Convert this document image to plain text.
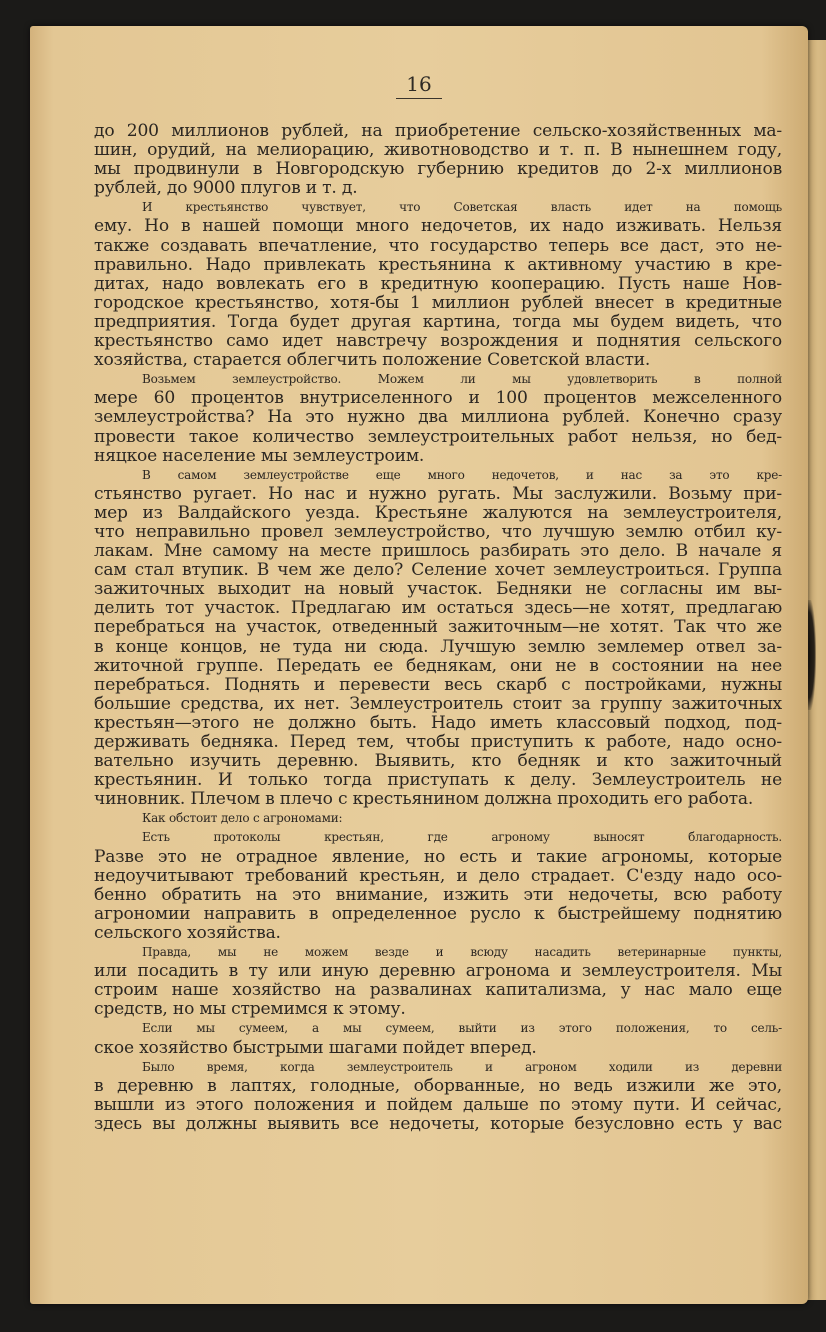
16
до 200 миллионов рублей, на приобретение сельско-хозяйственных ма-
шин, орудий, на мелиорацию, животноводство и т. п. В нынешнем году,
мы продвинули в Новгородскую губернию кредитов до 2-х миллионов
рублей, до 9000 плугов и т. д.
И крестьянство чувствует, что Советская власть идет на помощь
ему. Но в нашей помощи много недочетов, их надо изживать. Нельзя
также создавать впечатление, что государство теперь все даст, это не-
правильно. Надо привлекать крестьянина к активному участию в кре-
дитах, надо вовлекать его в кредитную кооперацию. Пусть наше Нов-
городское крестьянство, хотя-бы 1 миллион рублей внесет в кредитные
предприятия. Тогда будет другая картина, тогда мы будем видеть, что
крестьянство само идет навстречу возрождения и поднятия сельского
хозяйства, старается облегчить положение Советской власти.
Возьмем землеустройство. Можем ли мы удовлетворить в полной
мере 60 процентов внутриселенного и 100 процентов межселенного
землеустройства? На это нужно два миллиона рублей. Конечно сразу
провести такое количество землеустроительных работ нельзя, но бед-
няцкое население мы землеустроим.
В самом землеустройстве еще много недочетов, и нас за это кре-
стьянство ругает. Но нас и нужно ругать. Мы заслужили. Возьму при-
мер из Валдайского уезда. Крестьяне жалуются на землеустроителя,
что неправильно провел землеустройство, что лучшую землю отбил ку-
лакам. Мне самому на месте пришлось разбирать это дело. В начале я
сам стал втупик. В чем же дело? Селение хочет землеустроиться. Группа
зажиточных выходит на новый участок. Бедняки не согласны им вы-
делить тот участок. Предлагаю им остаться здесь—не хотят, предлагаю
перебраться на участок, отведенный зажиточным—не хотят. Так что же
в конце концов, не туда ни сюда. Лучшую землю землемер отвел за-
житочной группе. Передать ее беднякам, они не в состоянии на нее
перебраться. Поднять и перевести весь скарб с постройками, нужны
большие средства, их нет. Землеустроитель стоит за группу зажиточных
крестьян—этого не должно быть. Надо иметь классовый подход, под-
держивать бедняка. Перед тем, чтобы приступить к работе, надо осно-
вательно изучить деревню. Выявить, кто бедняк и кто зажиточный
крестьянин. И только тогда приступать к делу. Землеустроитель не
чиновник. Плечом в плечо с крестьянином должна проходить его работа.
Как обстоит дело с агрономами:
Есть протоколы крестьян, где агроному выносят благодарность.
Разве это не отрадное явление, но есть и такие агрономы, которые
недоучитывают требований крестьян, и дело страдает. С'езду надо осо-
бенно обратить на это внимание, изжить эти недочеты, всю работу
агрономии направить в определенное русло к быстрейшему поднятию
сельского хозяйства.
Правда, мы не можем везде и всюду насадить ветеринарные пункты,
или посадить в ту или иную деревню агронома и землеустроителя. Мы
строим наше хозяйство на развалинах капитализма, у нас мало еще
средств, но мы стремимся к этому.
Если мы сумеем, а мы сумеем, выйти из этого положения, то сель-
ское хозяйство быстрыми шагами пойдет вперед.
Было время, когда землеустроитель и агроном ходили из деревни
в деревню в лаптях, голодные, оборванные, но ведь изжили же это,
вышли из этого положения и пойдем дальше по этому пути. И сейчас,
здесь вы должны выявить все недочеты, которые безусловно есть у вас
